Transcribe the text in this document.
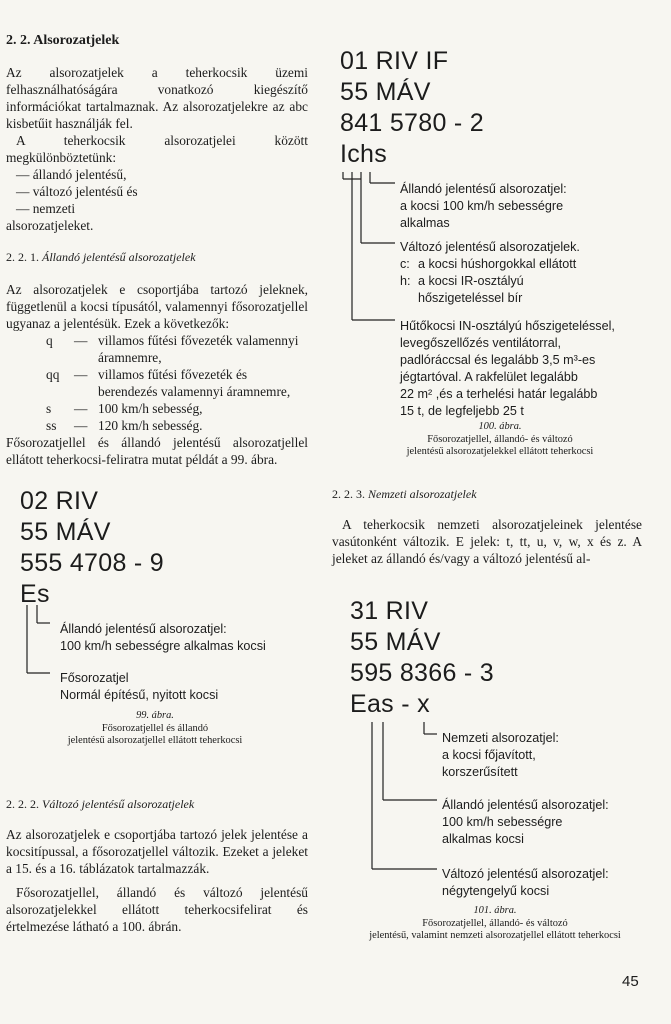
2. 2. Alsorozatjelek

Az alsorozatjelek a teherkocsik üzemi felhasználhatóságára vonatkozó kiegészítő információkat tartalmaznak. Az alsorozatjelekre az abc kisbetűit használják fel.

A teherkocsik alsorozatjelei között megkülönböztetünk:

— állandó jelentésű,
— változó jelentésű és
— nemzeti

alsorozatjeleket.

2. 2. 1. Állandó jelentésű alsorozatjelek

Az alsorozatjelek e csoportjába tartozó jeleknek, függetlenül a kocsi típusától, valamennyi fősorozatjellel ugyanaz a jelentésük. Ezek a következők:

q	— villamos fűtési fővezeték valamennyi áramnemre,
qq	— villamos fűtési fővezeték és berendezés valamennyi áramnemre,
s	— 100 km/h sebesség,
ss	— 120 km/h sebesség.

Fősorozatjellel és állandó jelentésű alsorozatjellel ellátott teherkocsi-feliratra mutat példát a 99. ábra.

02 RIV
55 MÁV
555 4708 - 9
Es
Állandó jelentésű alsorozatjel:
100 km/h sebességre alkalmas kocsi
Fősorozatjel
Normál építésű, nyitott kocsi
99. ábra.
Fősorozatjellel és állandó
jelentésű alsorozatjellel ellátott teherkocsi
2. 2. 2. Változó jelentésű alsorozatjelek

Az alsorozatjelek e csoportjába tartozó jelek jelentése a kocsitípussal, a fősorozatjellel változik. Ezeket a jeleket a 15. és a 16. táblázatok tartalmazzák.

Fősorozatjellel, állandó és változó jelentésű alsorozatjelekkel ellátott teherkocsifelirat és értelmezése látható a 100. ábrán.

01 RIV IF
55 MÁV
841 5780 - 2
Ichs
Állandó jelentésű alsorozatjel:
a kocsi 100 km/h sebességre
alkalmas
Változó jelentésű alsorozatjelek.
c: a kocsi húshorgokkal ellátott
h: a kocsi IR-osztályú
hőszigeteléssel bír
Hűtőkocsi IN-osztályú hőszigeteléssel,
levegőszellőzés ventilátorral,
padlóráccsal és legalább 3,5 m³-es
jégtartóval. A rakfelület legalább
22 m² ,és a terhelési határ legalább
15 t, de legfeljebb 25 t
100. ábra.
Fősorozatjellel, állandó- és változó
jelentésű alsorozatjelekkel ellátott teherkocsi
2. 2. 3. Nemzeti alsorozatjelek

A teherkocsik nemzeti alsorozatjeleinek jelentése vasútonként változik. E jelek: t, tt, u, v, w, x és z. A jeleket az állandó és/vagy a változó jelentésű al-

31 RIV
55 MÁV
595 8366 - 3
Eas - x
Nemzeti alsorozatjel:
a kocsi főjavított,
korszerűsített
Állandó jelentésű alsorozatjel:
100 km/h sebességre
alkalmas kocsi
Változó jelentésű alsorozatjel:
négytengelyű kocsi
101. ábra.
Fősorozatjellel, állandó- és változó
jelentésű, valamint nemzeti alsorozatjellel ellátott teherkocsi
45
